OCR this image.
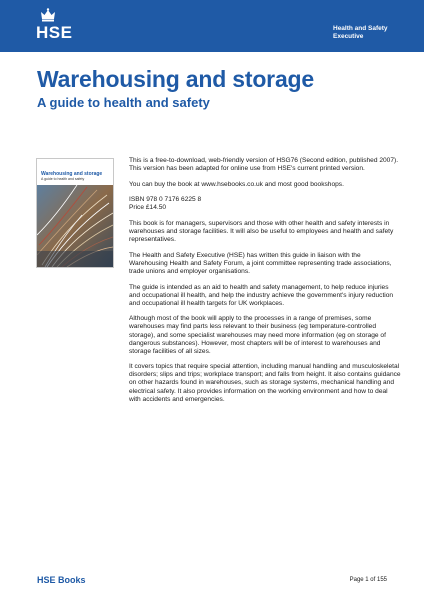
HSE	Health and Safety
Executive
Warehousing and storage
A guide to health and safety
Warehousing and storage
A guide to health and safety

This is a free-to-download, web-friendly version of HSG76 (Second edition, published 2007). This version has been adapted for online use from HSE's current printed version.

You can buy the book at www.hsebooks.co.uk and most good bookshops.

ISBN 978 0 7176 6225 8
Price £14.50

This book is for managers, supervisors and those with other health and safety interests in warehouses and storage facilities. It will also be useful to employees and health and safety representatives.

The Health and Safety Executive (HSE) has written this guide in liaison with the Warehousing Health and Safety Forum, a joint committee representing trade associations, trade unions and employer organisations.

The guide is intended as an aid to health and safety management, to help reduce injuries and occupational ill health, and help the industry achieve the government's injury reduction and occupational ill health targets for UK workplaces.

Although most of the book will apply to the processes in a range of premises, some warehouses may find parts less relevant to their business (eg temperature-controlled storage), and some specialist warehouses may need more information (eg on storage of dangerous substances). However, most chapters will be of interest to warehouses and storage facilities of all sizes.

It covers topics that require special attention, including manual handling and musculoskeletal disorders; slips and trips; workplace transport; and falls from height. It also contains guidance on other hazards found in warehouses, such as storage systems, mechanical handling and electrical safety. It also provides information on the working environment and how to deal with accidents and emergencies.

HSE Books	Page 1 of 155
